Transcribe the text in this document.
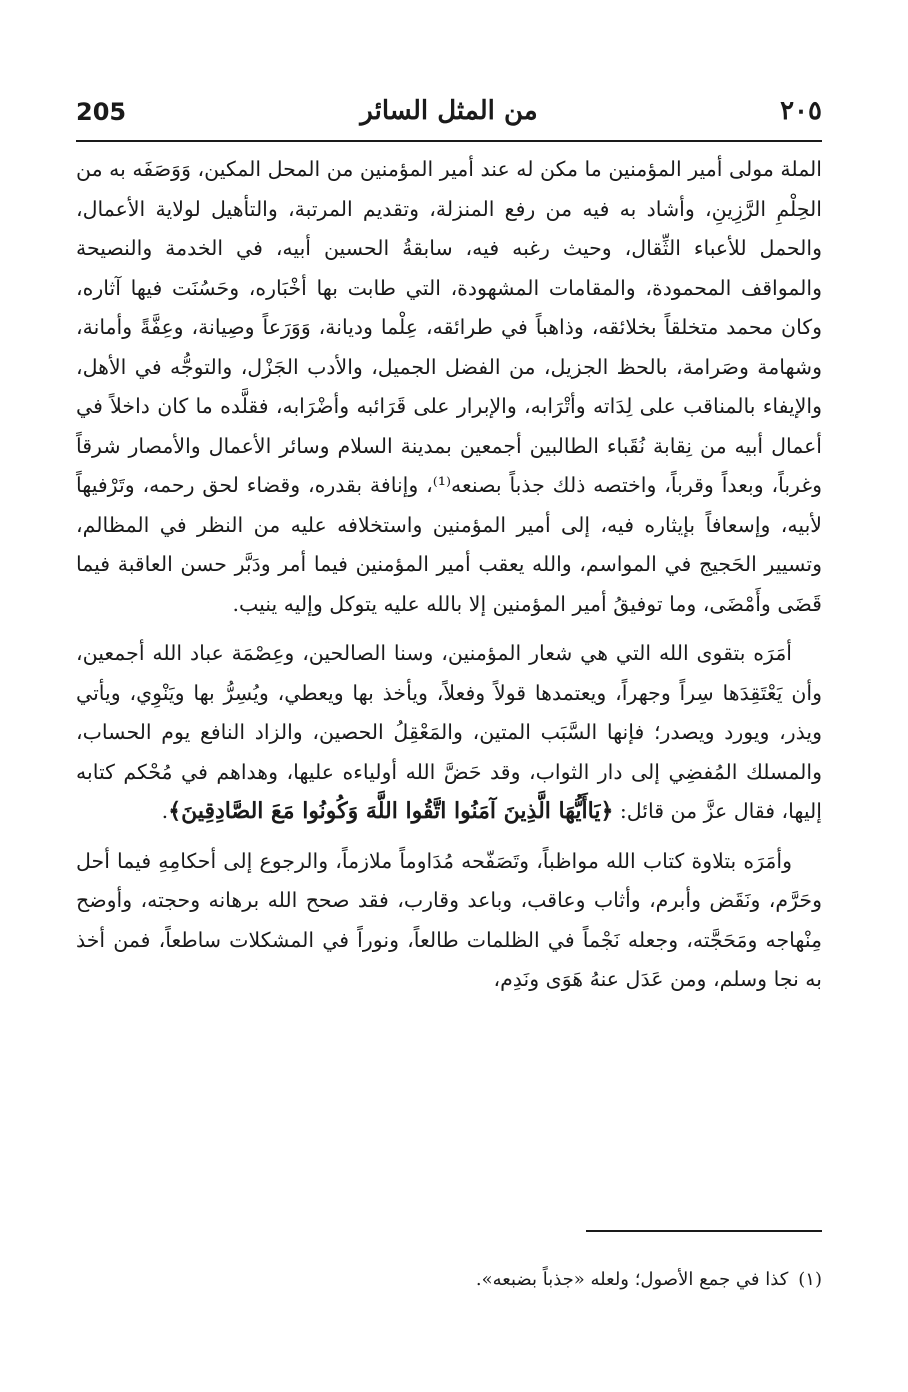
205	من المثل السائر	٢٠٥

الملة مولى أمير المؤمنين ما مكن له عند أمير المؤمنين من المحل المكين، وَوَصَفَه به من الحِلْمِ الرَّزِينِ، وأشاد به فيه من رفع المنزلة، وتقديم المرتبة، والتأهيل لولاية الأعمال، والحمل للأعباء الثِّقال، وحيث رغبه فيه، سابقةُ الحسين أبيه، في الخدمة والنصيحة والمواقف المحمودة، والمقامات المشهودة، التي طابت بها أخْبَاره، وحَسُنَت فيها آثاره، وكان محمد متخلقاً بخلائقه، وذاهباً في طرائقه، عِلْما وديانة، وَوَرَعاً وصِيانة، وعِفَّةً وأمانة، وشهامة وصَرامة، بالحظ الجزيل، من الفضل الجميل، والأدب الجَزْل، والتوجُّه في الأهل، والإيفاء بالمناقب على لِدَاته وأتْرَابه، والإبرار على قَرَائبه وأضْرَابه، فقلَّده ما كان داخلاً في أعمال أبيه من نِقابة نُقَباء الطالبين أجمعين بمدينة السلام وسائر الأعمال والأمصار شرقاً وغرباً، وبعداً وقرباً، واختصه ذلك جذباً بصنعه⁽¹⁾، وإنافة بقدره، وقضاء لحق رحمه، وتَرْفيهاً لأبيه، وإسعافاً بإيثاره فيه، إلى أمير المؤمنين واستخلافه عليه من النظر في المظالم، وتسيير الحَجيج في المواسم، والله يعقب أمير المؤمنين فيما أمر ودَبَّر حسن العاقبة فيما قَضَى وأَمْضَى، وما توفيقُ أمير المؤمنين إلا بالله عليه يتوكل وإليه ينيب.

أمَرَه بتقوى الله التي هي شعار المؤمنين، وسنا الصالحين، وعِصْمَة عباد الله أجمعين، وأن يَعْتَقِدَها سِراً وجهراً، ويعتمدها قولاً وفعلاً، ويأخذ بها ويعطي، ويُسِرُّ بها ويَنْوِي، ويأتي ويذر، ويورد ويصدر؛ فإنها السَّبَب المتين، والمَعْقِلُ الحصين، والزاد النافع يوم الحساب، والمسلك المُفضِي إلى دار الثواب، وقد حَضَّ الله أولياءه عليها، وهداهم في مُحْكم كتابه إليها، فقال عزَّ من قائل: ﴿يَاأَيُّهَا الَّذِينَ آمَنُوا اتَّقُوا اللَّهَ وَكُونُوا مَعَ الصَّادِقِينَ﴾.

وأمَرَه بتلاوة كتاب الله مواظباً، وتَصَفّحه مُدَاوماً ملازماً، والرجوع إلى أحكامِهِ فيما أحل وحَرَّم، ونَقَض وأبرم، وأثاب وعاقب، وباعد وقارب، فقد صحح الله برهانه وحجته، وأوضح مِنْهاجه ومَحَجَّته، وجعله نَجْماً في الظلمات طالعاً، ونوراً في المشكلات ساطعاً، فمن أخذ به نجا وسلم، ومن عَدَل عنهُ هَوَى ونَدِم،

(١)كذا في جمع الأصول؛ ولعله «جذباً بضبعه».
